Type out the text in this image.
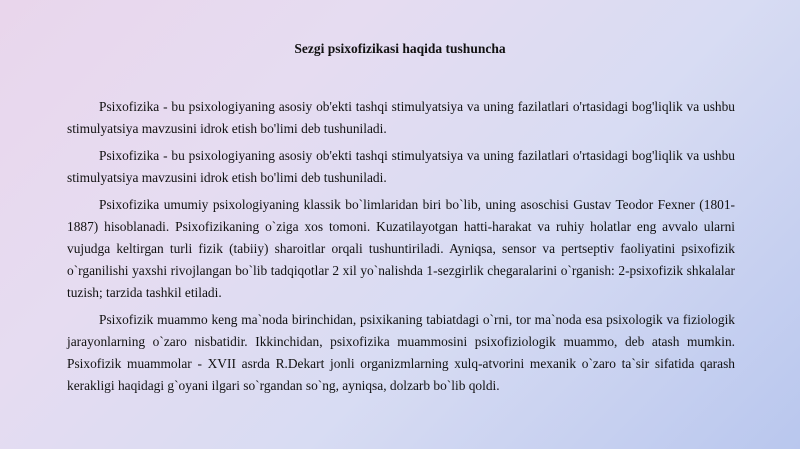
Sezgi psixofizikasi haqida tushuncha

Psixofizika - bu psixologiyaning asosiy ob'ekti tashqi stimulyatsiya va uning fazilatlari o'rtasidagi bog'liqlik va ushbu stimulyatsiya mavzusini idrok etish bo'limi deb tushuniladi.

Psixofizika - bu psixologiyaning asosiy ob'ekti tashqi stimulyatsiya va uning fazilatlari o'rtasidagi bog'liqlik va ushbu stimulyatsiya mavzusini idrok etish bo'limi deb tushuniladi.

Psixofizika umumiy psixologiyaning klassik bo`limlaridan biri bo`lib, uning asoschisi Gustav Teodor Fexner (1801-1887) hisoblanadi. Psixofizikaning o`ziga xos tomoni. Kuzatilayotgan hatti-harakat va ruhiy holatlar eng avvalo ularni vujudga keltirgan turli fizik (tabiiy) sharoitlar orqali tushuntiriladi. Ayniqsa, sensor va pertseptiv faoliyatini psixofizik o`rganilishi yaxshi rivojlangan bo`lib tadqiqotlar 2 xil yo`nalishda 1-sezgirlik chegaralarini o`rganish: 2-psixofizik shkalalar tuzish; tarzida tashkil etiladi.

Psixofizik muammo keng ma`noda birinchidan, psixikaning tabiatdagi o`rni, tor ma`noda esa psixologik va fiziologik jarayonlarning o`zaro nisbatidir. Ikkinchidan, psixofizika muammosini psixofiziologik muammo, deb atash mumkin. Psixofizik muammolar - XVII asrda R.Dekart jonli organizmlarning xulq-atvorini mexanik o`zaro ta`sir sifatida qarash kerakligi haqidagi g`oyani ilgari so`rgandan so`ng, ayniqsa, dolzarb bo`lib qoldi.
